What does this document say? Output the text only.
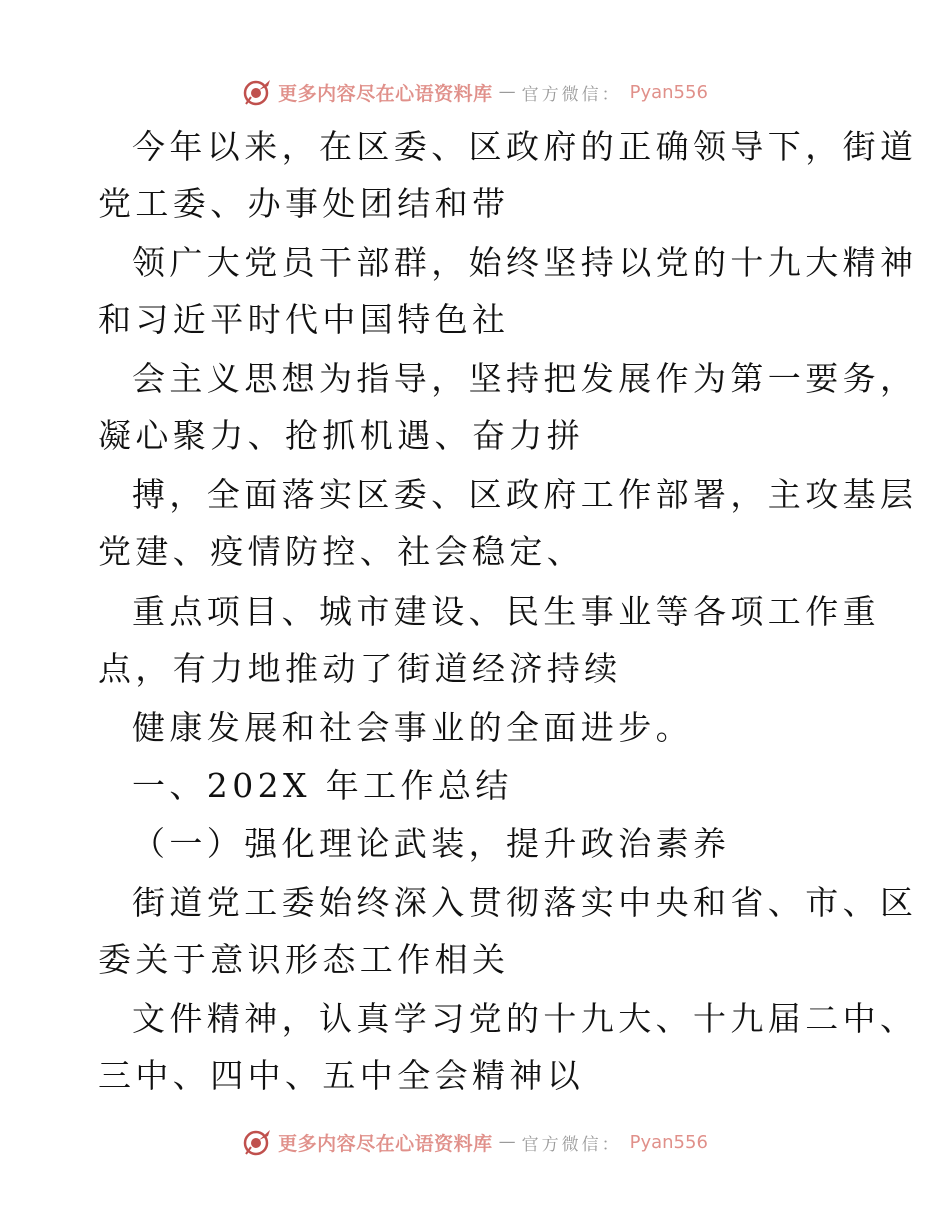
更多内容尽在心语资料库 — 官方微信： Pyan556
今年以来，在区委、区政府的正确领导下，街道
党工委、办事处团结和带
领广大党员干部群，始终坚持以党的十九大精神
和习近平时代中国特色社
会主义思想为指导，坚持把发展作为第一要务，
凝心聚力、抢抓机遇、奋力拼
搏，全面落实区委、区政府工作部署，主攻基层
党建、疫情防控、社会稳定、
重点项目、城市建设、民生事业等各项工作重
点，有力地推动了街道经济持续
健康发展和社会事业的全面进步。
一、202X 年工作总结
（一）强化理论武装，提升政治素养
街道党工委始终深入贯彻落实中央和省、市、区
委关于意识形态工作相关
文件精神，认真学习党的十九大、十九届二中、
三中、四中、五中全会精神以
更多内容尽在心语资料库 — 官方微信： Pyan556
